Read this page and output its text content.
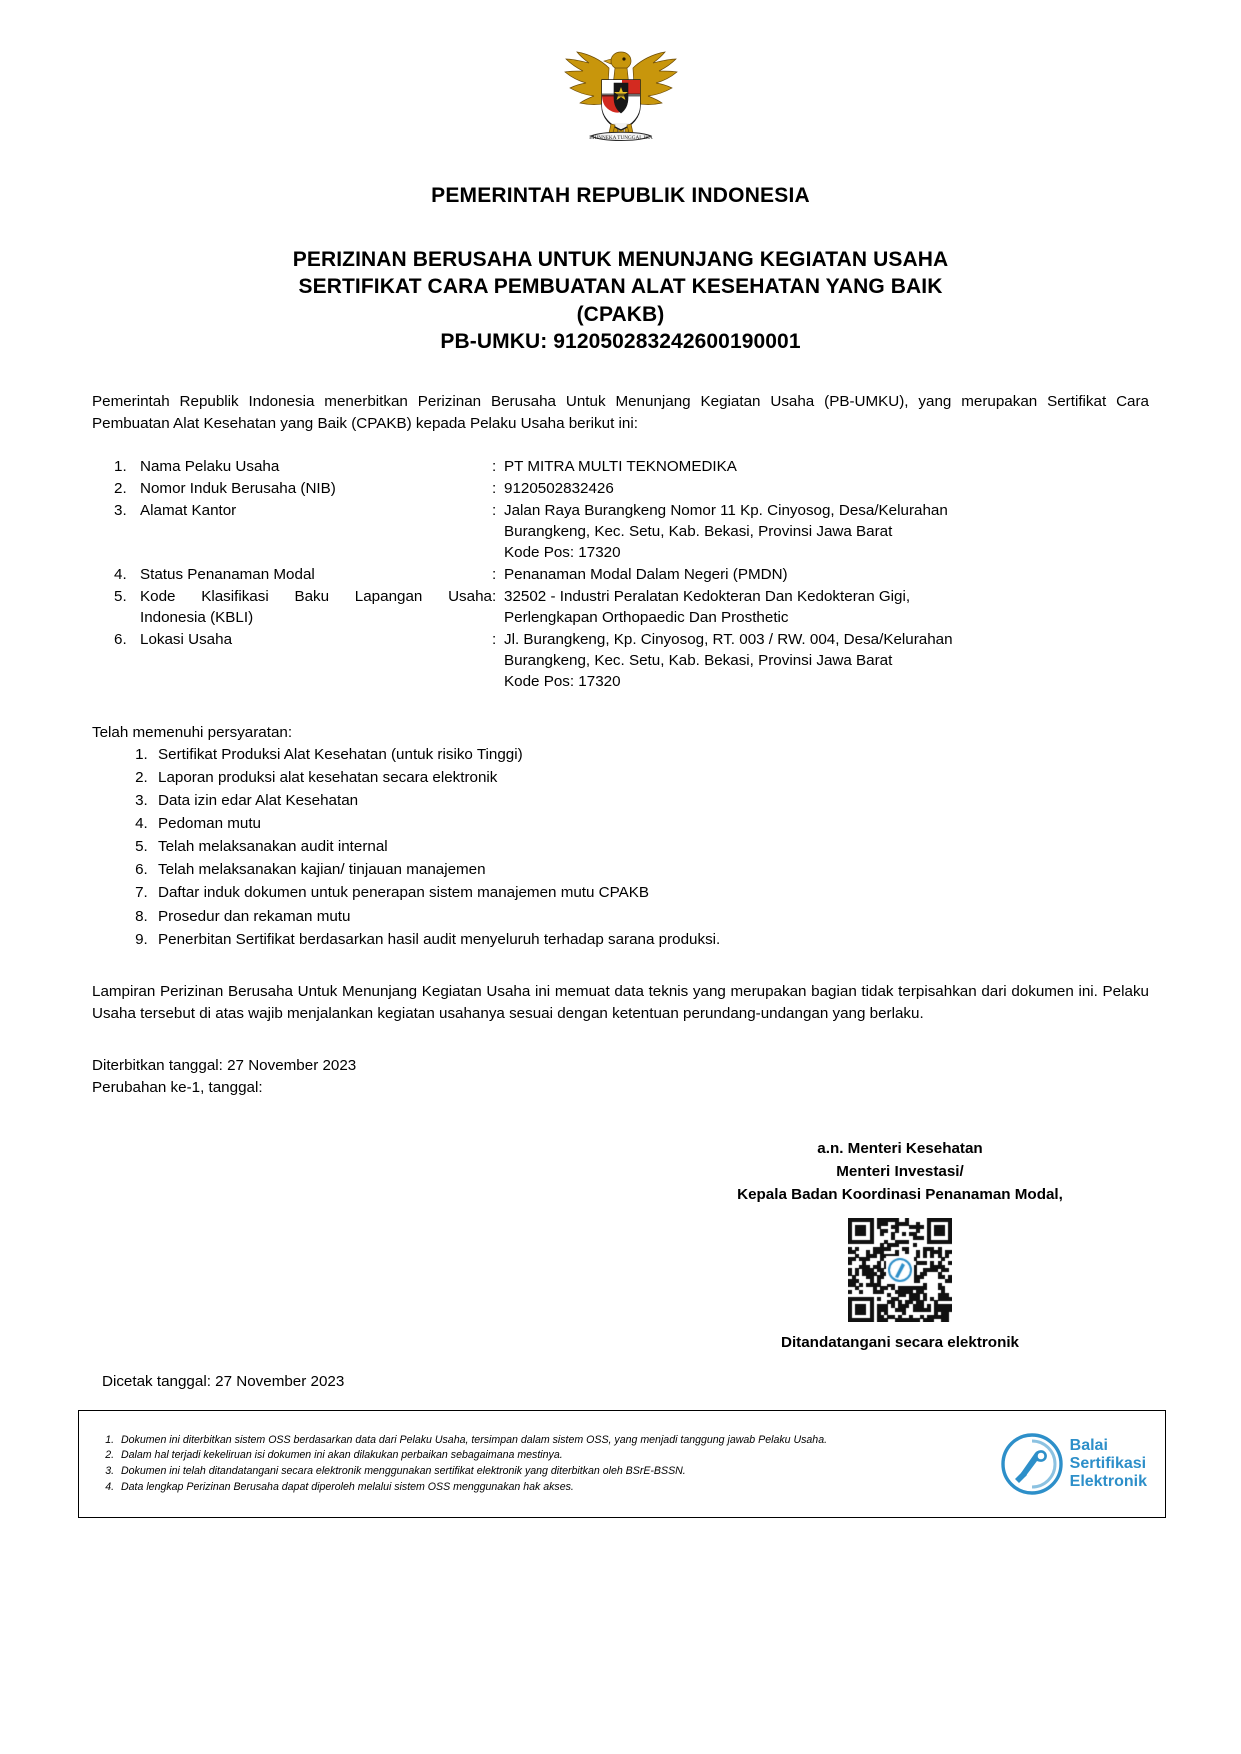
BHINNEKA TUNGGAL IKA
PEMERINTAH REPUBLIK INDONESIA
PERIZINAN BERUSAHA UNTUK MENUNJANG KEGIATAN USAHA
SERTIFIKAT CARA PEMBUATAN ALAT KESEHATAN YANG BAIK
(CPAKB)
PB-UMKU: 912050283242600190001

Pemerintah Republik Indonesia menerbitkan Perizinan Berusaha Untuk Menunjang Kegiatan Usaha (PB-UMKU), yang merupakan Sertifikat Cara Pembuatan Alat Kesehatan yang Baik (CPAKB) kepada Pelaku Usaha berikut ini:

1.	Nama Pelaku Usaha	:	PT MITRA MULTI TEKNOMEDIKA
2.	Nomor Induk Berusaha (NIB)	:	9120502832426
3.	Alamat Kantor	:	Jalan Raya Burangkeng Nomor 11 Kp. Cinyosog, Desa/Kelurahan
Burangkeng, Kec. Setu, Kab. Bekasi, Provinsi Jawa Barat
Kode Pos: 17320

4.	Status Penanaman Modal	:	Penanaman Modal Dalam Negeri (PMDN)
5.	Kode Klasifikasi Baku Lapangan Usaha
Indonesia (KBLI)	:	32502 - Industri Peralatan Kedokteran Dan Kedokteran Gigi,
Perlengkapan Orthopaedic Dan Prosthetic

6.	Lokasi Usaha	:	Jl. Burangkeng, Kp. Cinyosog, RT. 003 / RW. 004, Desa/Kelurahan
Burangkeng, Kec. Setu, Kab. Bekasi, Provinsi Jawa Barat
Kode Pos: 17320

Telah memenuhi persyaratan:

1. Sertifikat Produksi Alat Kesehatan (untuk risiko Tinggi)
2. Laporan produksi alat kesehatan secara elektronik
3. Data izin edar Alat Kesehatan
4. Pedoman mutu
5. Telah melaksanakan audit internal
6. Telah melaksanakan kajian/ tinjauan manajemen
7. Daftar induk dokumen untuk penerapan sistem manajemen mutu CPAKB
8. Prosedur dan rekaman mutu
9. Penerbitan Sertifikat berdasarkan hasil audit menyeluruh terhadap sarana produksi.

Lampiran Perizinan Berusaha Untuk Menunjang Kegiatan Usaha ini memuat data teknis yang merupakan bagian tidak terpisahkan dari dokumen ini. Pelaku Usaha tersebut di atas wajib menjalankan kegiatan usahanya sesuai dengan ketentuan perundang-undangan yang berlaku.

Diterbitkan tanggal: 27 November 2023
Perubahan ke-1, tanggal:
a.n. Menteri Kesehatan
Menteri Investasi/
Kepala Badan Koordinasi Penanaman Modal,
Ditandatangani secara elektronik
Dicetak tanggal: 27 November 2023
1. Dokumen ini diterbitkan sistem OSS berdasarkan data dari Pelaku Usaha, tersimpan dalam sistem OSS, yang menjadi tanggung jawab Pelaku Usaha.
2. Dalam hal terjadi kekeliruan isi dokumen ini akan dilakukan perbaikan sebagaimana mestinya.
3. Dokumen ini telah ditandatangani secara elektronik menggunakan sertifikat elektronik yang diterbitkan oleh BSrE-BSSN.
4. Data lengkap Perizinan Berusaha dapat diperoleh melalui sistem OSS menggunakan hak akses.
Balai
Sertifikasi
Elektronik
